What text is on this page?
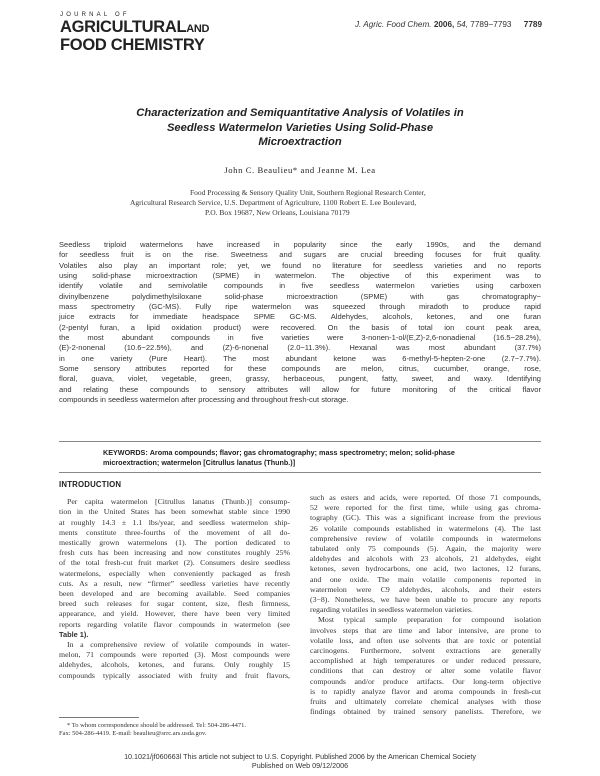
JOURNAL OF
AGRICULTURALAND
FOOD CHEMISTRY
J. Agric. Food Chem. 2006, 54, 7789−7793 7789
Characterization and Semiquantitative Analysis of Volatiles in
Seedless Watermelon Varieties Using Solid-Phase
Microextraction
John C. Beaulieu* and Jeanne M. Lea
Food Processing & Sensory Quality Unit, Southern Regional Research Center,
Agricultural Research Service, U.S. Department of Agriculture, 1100 Robert E. Lee Boulevard,
P.O. Box 19687, New Orleans, Louisiana 70179
Seedless triploid watermelons have increased in popularity since the early 1990s, and the demand
for seedless fruit is on the rise. Sweetness and sugars are crucial breeding focuses for fruit quality.
Volatiles also play an important role; yet, we found no literature for seedless varieties and no reports
using solid-phase microextraction (SPME) in watermelon. The objective of this experiment was to
identify volatile and semivolatile compounds in five seedless watermelon varieties using carboxen
divinylbenzene polydimethylsiloxane solid-phase microextraction (SPME) with gas chromatography−
mass spectrometry (GC-MS). Fully ripe watermelon was squeezed through miradoth to produce rapid
juice extracts for immediate headspace SPME GC-MS. Aldehydes, alcohols, ketones, and one furan
(2-pentyl furan, a lipid oxidation product) were recovered. On the basis of total ion count peak area,
the most abundant compounds in five varieties were 3-nonen-1-ol/(E,Z)-2,6-nonadienal (16.5−28.2%),
(E)-2-nonenal (10.6−22.5%), and (Z)-6-nonenal (2.0−11.3%). Hexanal was most abundant (37.7%)
in one variety (Pure Heart). The most abundant ketone was 6-methyl-5-hepten-2-one (2.7−7.7%).
Some sensory attributes reported for these compounds are melon, citrus, cucumber, orange, rose,
floral, guava, violet, vegetable, green, grassy, herbaceous, pungent, fatty, sweet, and waxy. Identifying
and relating these compounds to sensory attributes will allow for future monitoring of the critical flavor
compounds in seedless watermelon after processing and throughout fresh-cut storage.
KEYWORDS: Aroma compounds; flavor; gas chromatography; mass spectrometry; melon; solid-phase
microextraction; watermelon [Citrullus lanatus (Thunb.)]
INTRODUCTION
Per capita watermelon [Citrullus lanatus (Thunb.)] consump-
tion in the United States has been somewhat stable since 1990
at roughly 14.3 ± 1.1 lbs/year, and seedless watermelon ship-
ments constitute three-fourths of the movement of all do-
mestically grown watermelons (1). The portion dedicated to
fresh cuts has been increasing and now constitutes roughly 25%
of the total fresh-cut fruit market (2). Consumers desire seedless
watermelons, especially when conveniently packaged as fresh
cuts. As a result, new “firmer” seedless varieties have recently
been developed and are becoming available. Seed companies
breed such releases for sugar content, size, flesh firmness,
appearance, and yield. However, there have been very limited
reports regarding volatile flavor compounds in watermelon (see
Table 1).
In a comprehensive review of volatile compounds in water-
melon, 71 compounds were reported (3). Most compounds were
aldehydes, alcohols, ketones, and furans. Only roughly 15
compounds typically associated with fruity and fruit flavors,
such as esters and acids, were reported. Of those 71 compounds,
52 were reported for the first time, while using gas chroma-
tography (GC). This was a significant increase from the previous
26 volatile compounds established in watermelons (4). The last
comprehensive review of volatile compounds in watermelons
tabulated only 75 compounds (5). Again, the majority were
aldehydes and alcohols with 23 alcohols, 21 aldehydes, eight
ketones, seven hydrocarbons, one acid, two lactones, 12 furans,
and one oxide. The main volatile components reported in
watermelon were C9 aldehydes, alcohols, and their esters
(3−8). Nonetheless, we have been unable to procure any reports
regarding volatiles in seedless watermelon varieties.
Most typical sample preparation for compound isolation
involves steps that are time and labor intensive, are prone to
volatile loss, and often use solvents that are toxic or potential
carcinogens. Furthermore, solvent extractions are generally
accomplished at high temperatures or under reduced pressure,
conditions that can destroy or alter some volatile flavor
compounds and/or produce artifacts. Our long-term objective
is to rapidly analyze flavor and aroma compounds in fresh-cut
fruits and ultimately correlate chemical analyses with those
findings obtained by trained sensory panelists. Therefore, we
* To whom correspondence should be addressed. Tel: 504-286-4471.
Fax: 504-286-4419. E-mail: beaulieu@srrc.ars.usda.gov.
10.1021/jf060663l This article not subject to U.S. Copyright. Published 2006 by the American Chemical Society
Published on Web 09/12/2006
